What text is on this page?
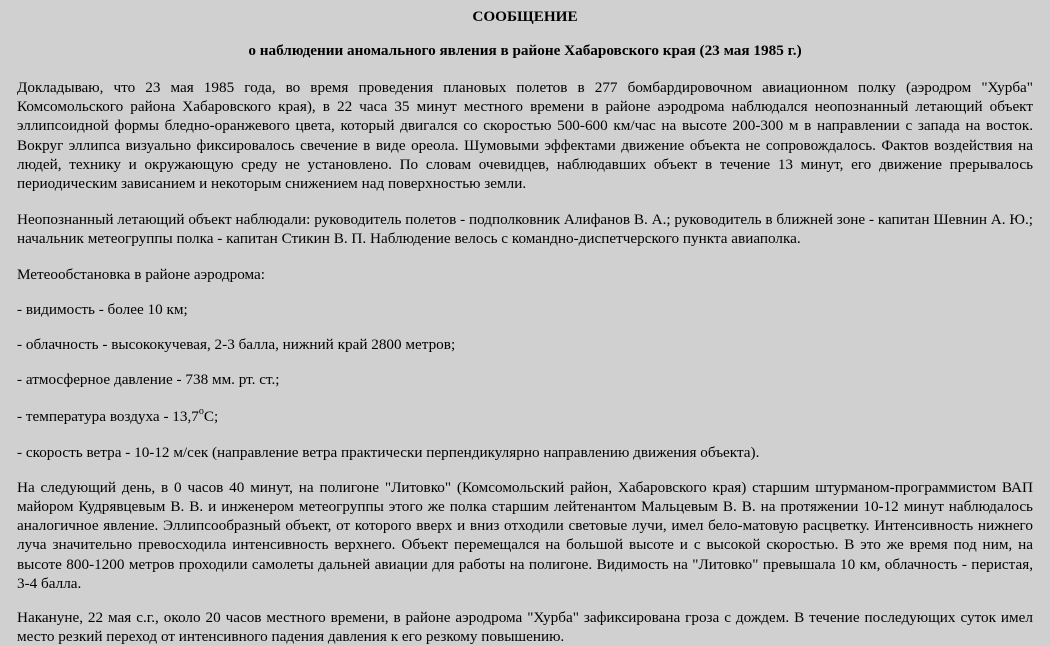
СООБЩЕНИЕ
о наблюдении аномального явления в районе Хабаровского края (23 мая 1985 г.)

Докладываю, что 23 мая 1985 года, во время проведения плановых полетов в 277 бомбардировочном авиационном полку (аэродром "Хурба" Комсомольского района Хабаровского края), в 22 часа 35 минут местного времени в районе аэродрома наблюдался неопознанный летающий объект эллипсоидной формы бледно-оранжевого цвета, который двигался со скоростью 500-600 км/час на высоте 200-300 м в направлении с запада на восток. Вокруг эллипса визуально фиксировалось свечение в виде ореола. Шумовыми эффектами движение объекта не сопровождалось. Фактов воздействия на людей, технику и окружающую среду не установлено. По словам очевидцев, наблюдавших объект в течение 13 минут, его движение прерывалось периодическим зависанием и некоторым снижением над поверхностью земли.

Неопознанный летающий объект наблюдали: руководитель полетов - подполковник Алифанов В. А.; руководитель в ближней зоне - капитан Шевнин А. Ю.; начальник метеогруппы полка - капитан Стикин В. П. Наблюдение велось с командно-диспетчерского пункта авиаполка.

Метеообстановка в районе аэродрома:

- видимость - более 10 км;

- облачность - высококучевая, 2-3 балла, нижний край 2800 метров;

- атмосферное давление - 738 мм. рт. ст.;

- температура воздуха - $13,7^оС$;

- скорость ветра - 10-12 м/сек (направление ветра практически перпендикулярно направлению движения объекта).

На следующий день, в 0 часов 40 минут, на полигоне "Литовко" (Комсомольский район, Хабаровского края) старшим штурманом-программистом ВАП майором Кудрявцевым В. В. и инженером метеогруппы этого же полка старшим лейтенантом Мальцевым В. В. на протяжении 10-12 минут наблюдалось аналогичное явление. Эллипсообразный объект, от которого вверх и вниз отходили световые лучи, имел бело-матовую расцветку. Интенсивность нижнего луча значительно превосходила интенсивность верхнего. Объект перемещался на большой высоте и с высокой скоростью. В это же время под ним, на высоте 800-1200 метров проходили самолеты дальней авиации для работы на полигоне. Видимость на "Литовко" превышала 10 км, облачность - перистая, 3-4 балла.

Накануне, 22 мая с.г., около 20 часов местного времени, в районе аэродрома "Хурба" зафиксирована гроза с дождем. В течение последующих суток имел место резкий переход от интенсивного падения давления к его резкому повышению.
